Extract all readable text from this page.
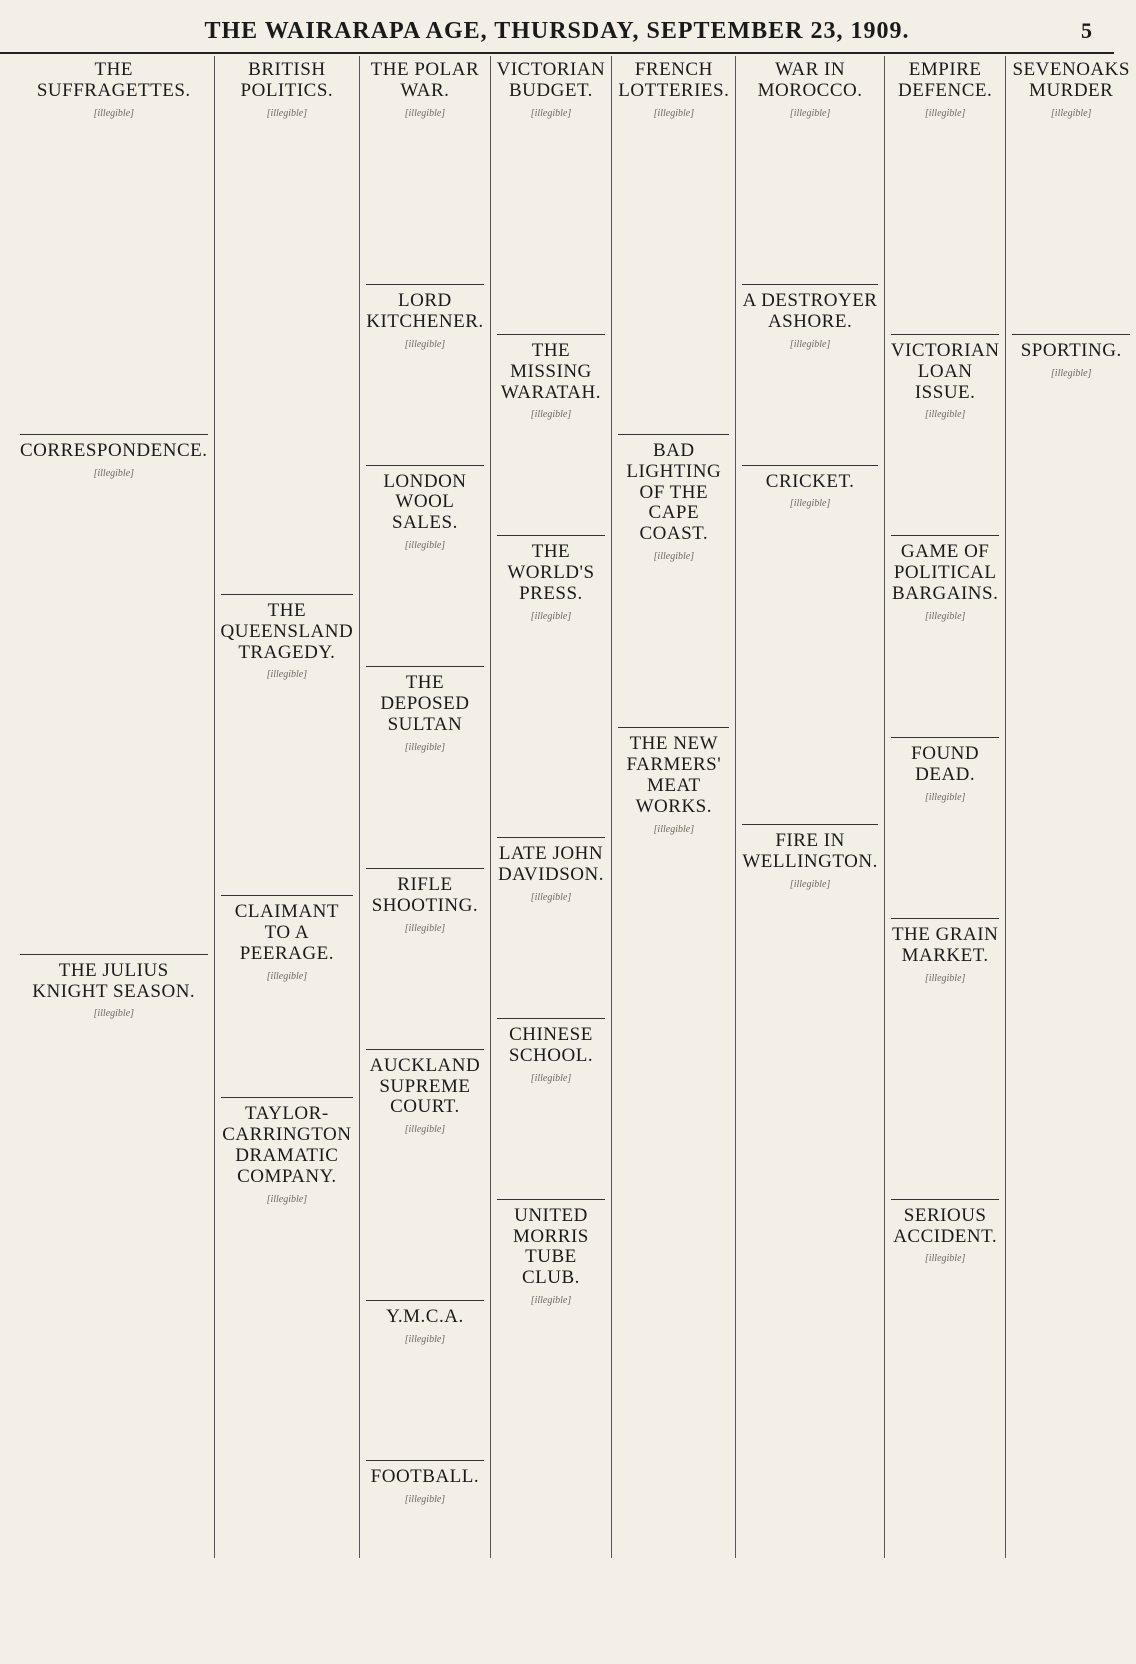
THE WAIRARAPA AGE, THURSDAY, SEPTEMBER 23, 1909.	5
THE SUFFRAGETTES.
[illegible]
CORRESPONDENCE.
[illegible]
THE JULIUS KNIGHT SEASON.
[illegible]
BRITISH POLITICS.
[illegible]
THE QUEENSLAND TRAGEDY.
[illegible]
CLAIMANT TO A PEERAGE.
[illegible]
TAYLOR-CARRINGTON DRAMATIC COMPANY.
[illegible]
THE POLAR WAR.
[illegible]
LORD KITCHENER.
[illegible]
LONDON WOOL SALES.
[illegible]
THE DEPOSED SULTAN
[illegible]
RIFLE SHOOTING.
[illegible]
AUCKLAND SUPREME COURT.
[illegible]
Y.M.C.A.
[illegible]
FOOTBALL.
[illegible]
VICTORIAN BUDGET.
[illegible]
THE MISSING WARATAH.
[illegible]
THE WORLD'S PRESS.
[illegible]
LATE JOHN DAVIDSON.
[illegible]
CHINESE SCHOOL.
[illegible]
UNITED MORRIS TUBE CLUB.
[illegible]
FRENCH LOTTERIES.
[illegible]
BAD LIGHTING OF THE CAPE COAST.
[illegible]
THE NEW FARMERS' MEAT WORKS.
[illegible]
WAR IN MOROCCO.
[illegible]
A DESTROYER ASHORE.
[illegible]
CRICKET.
[illegible]
FIRE IN WELLINGTON.
[illegible]
EMPIRE DEFENCE.
[illegible]
VICTORIAN LOAN ISSUE.
[illegible]
GAME OF POLITICAL BARGAINS.
[illegible]
FOUND DEAD.
[illegible]
THE GRAIN MARKET.
[illegible]
SERIOUS ACCIDENT.
[illegible]
SEVENOAKS MURDER
[illegible]
SPORTING.
[illegible]
